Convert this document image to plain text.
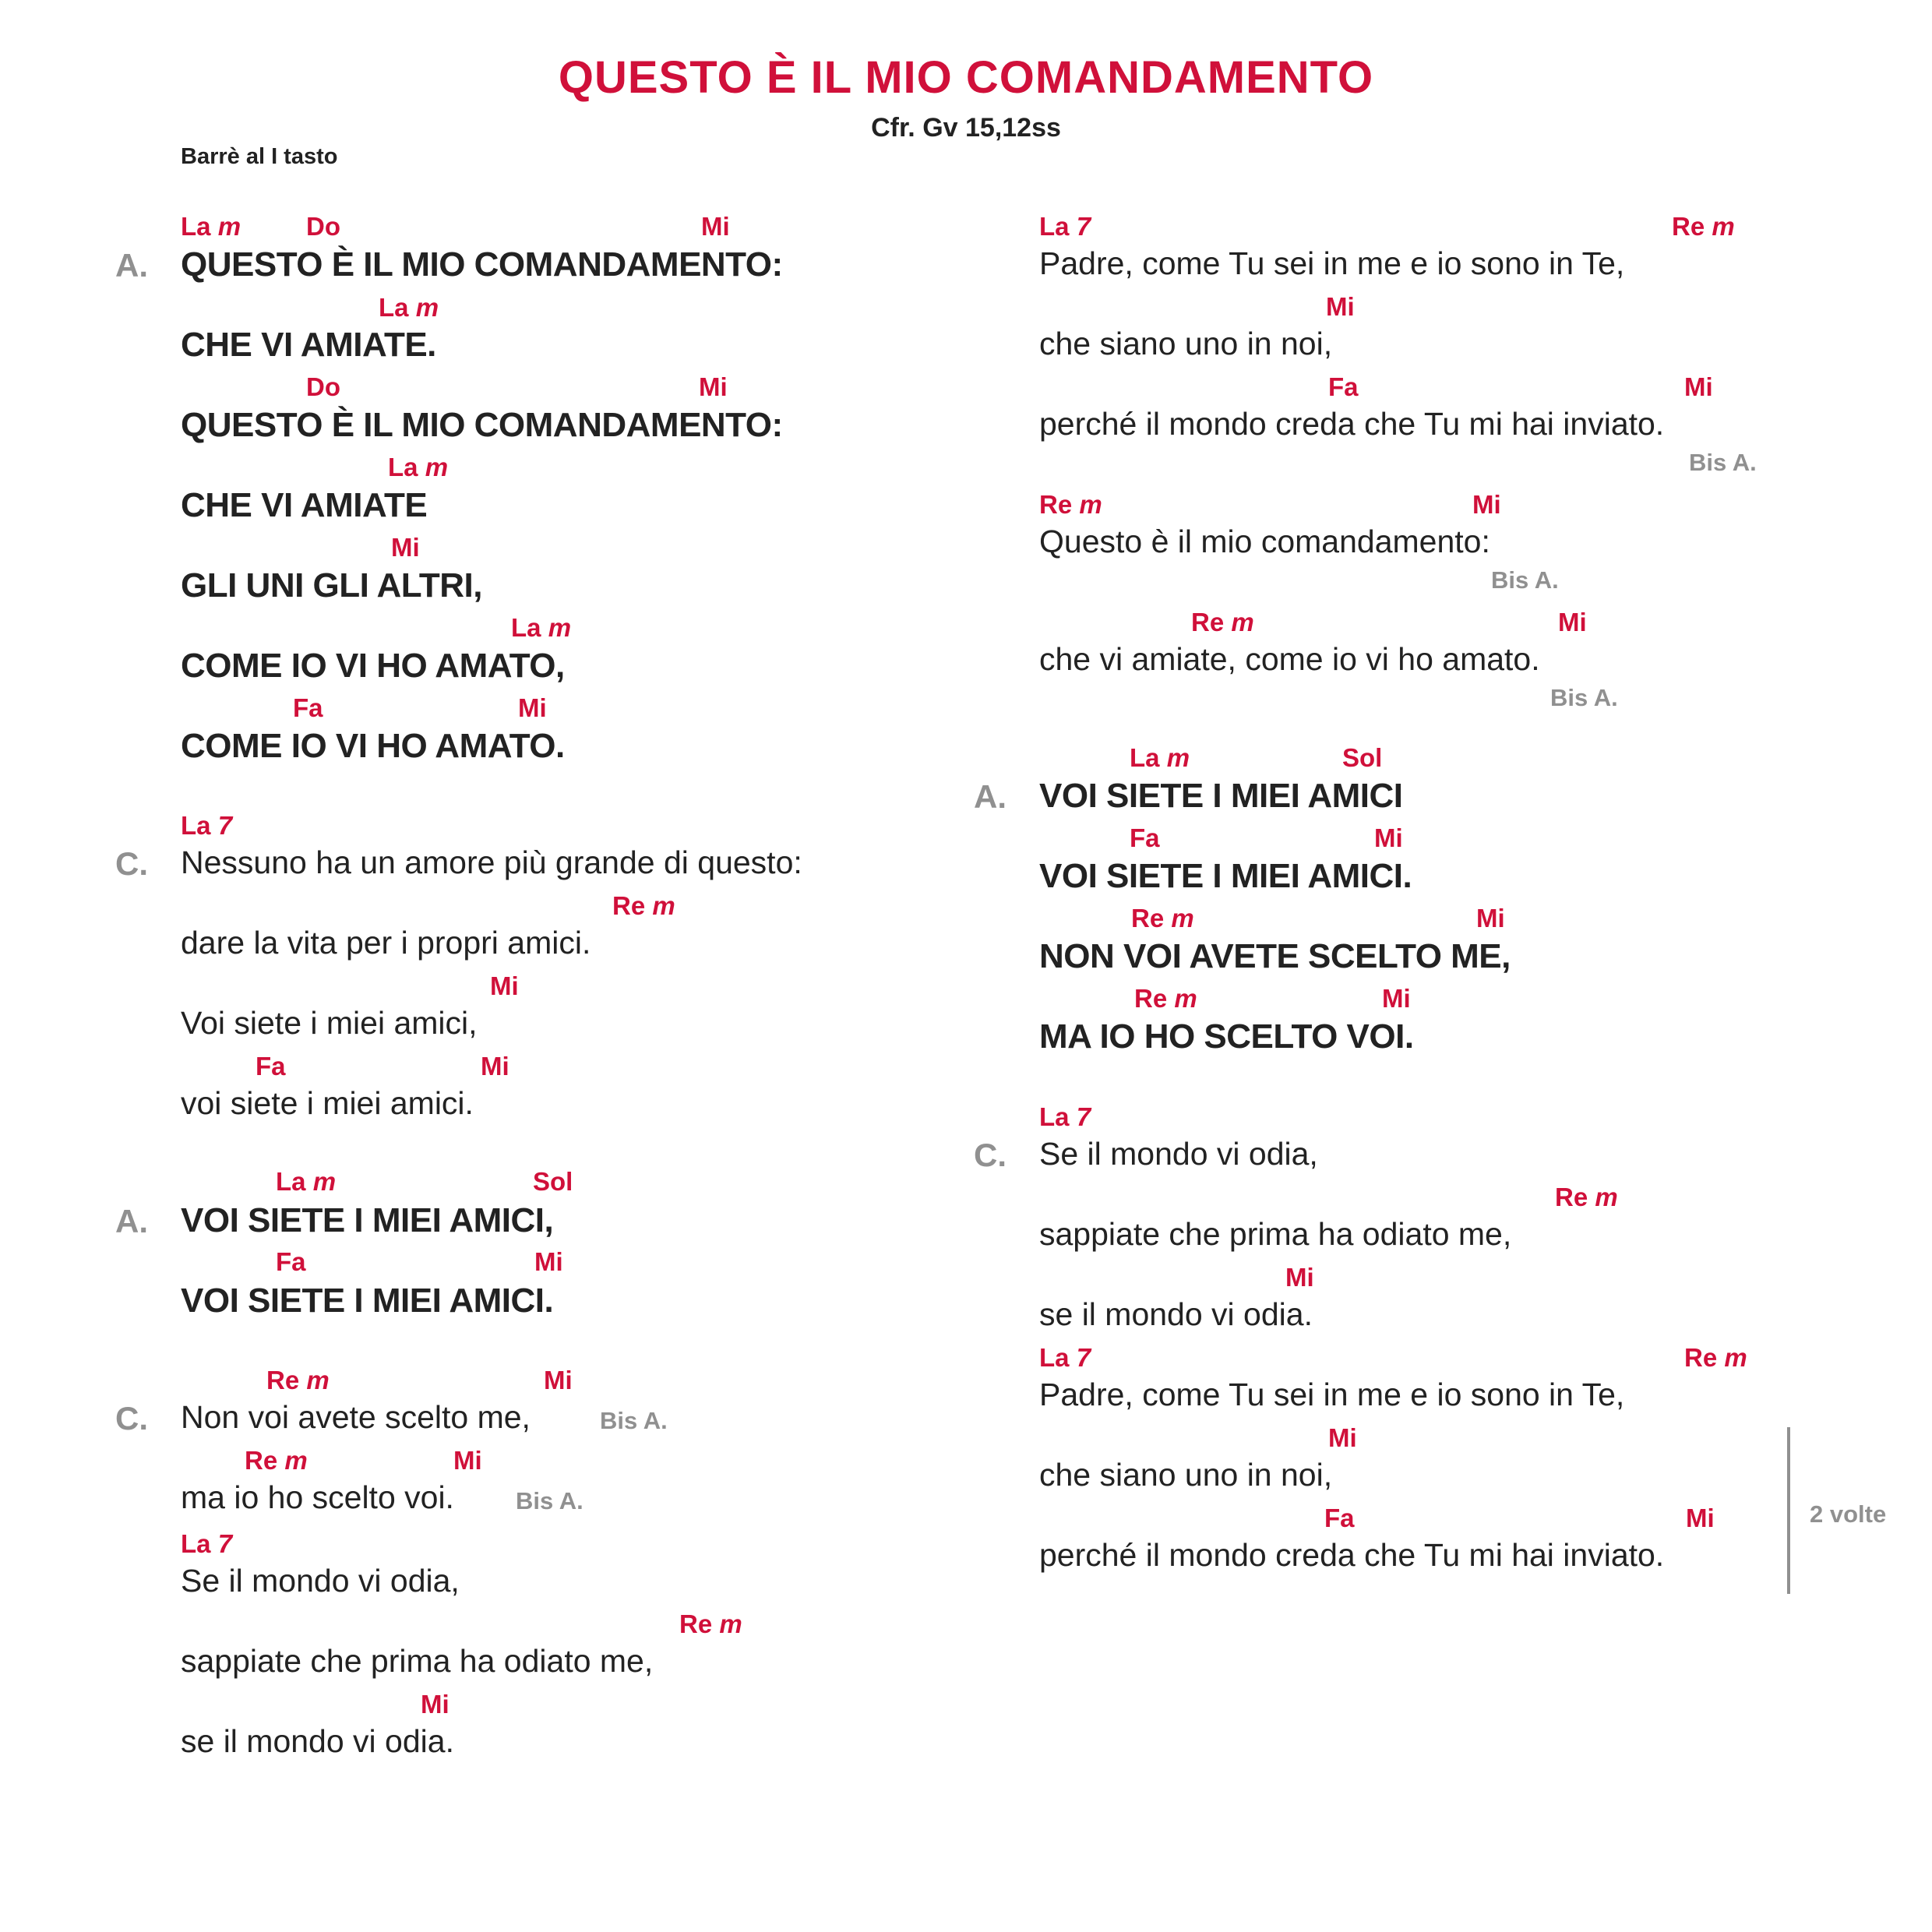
QUESTO È IL MIO COMANDAMENTO
Cfr. Gv 15,12ss
Barrè al I tasto
A.
La m	Do	Mi
QUESTO È IL MIO COMANDAMENTO:
La m
CHE VI AMIATE.
Do	Mi
QUESTO È IL MIO COMANDAMENTO:
La m
CHE VI AMIATE
Mi
GLI UNI GLI ALTRI,
La m
COME IO VI HO AMATO,
Fa	Mi
COME IO VI HO AMATO.
C.
La 7
Nessuno ha un amore più grande di questo:
Re m
dare la vita per i propri amici.
Mi
Voi siete i miei amici,
Fa	Mi
voi siete i miei amici.
A.
La m	Sol
VOI SIETE I MIEI AMICI,
Fa	Mi
VOI SIETE I MIEI AMICI.
C.
Re m	Mi
Non voi avete scelto me,	Bis A.
Re m	Mi
ma io ho scelto voi.	Bis A.
La 7
Se il mondo vi odia,
Re m
sappiate che prima ha odiato me,
Mi
se il mondo vi odia.
La 7	Re m
Padre, come Tu sei in me e io sono in Te,
Mi
che siano uno in noi,
Fa	Mi
perché il mondo creda che Tu mi hai inviato.
Bis A.
Re m	Mi
Questo è il mio comandamento:
Bis A.
Re m	Mi
che vi amiate, come io vi ho amato.
Bis A.
A.
La m	Sol
VOI SIETE I MIEI AMICI
Fa	Mi
VOI SIETE I MIEI AMICI.
Re m	Mi
NON VOI AVETE SCELTO ME,
Re m	Mi
MA IO HO SCELTO VOI.
C.
La 7
Se il mondo vi odia,
Re m
sappiate che prima ha odiato me,
Mi
se il mondo vi odia.
La 7	Re m
Padre, come Tu sei in me e io sono in Te,
Mi
che siano uno in noi,
Fa	Mi
perché il mondo creda che Tu mi hai inviato.
2 volte
